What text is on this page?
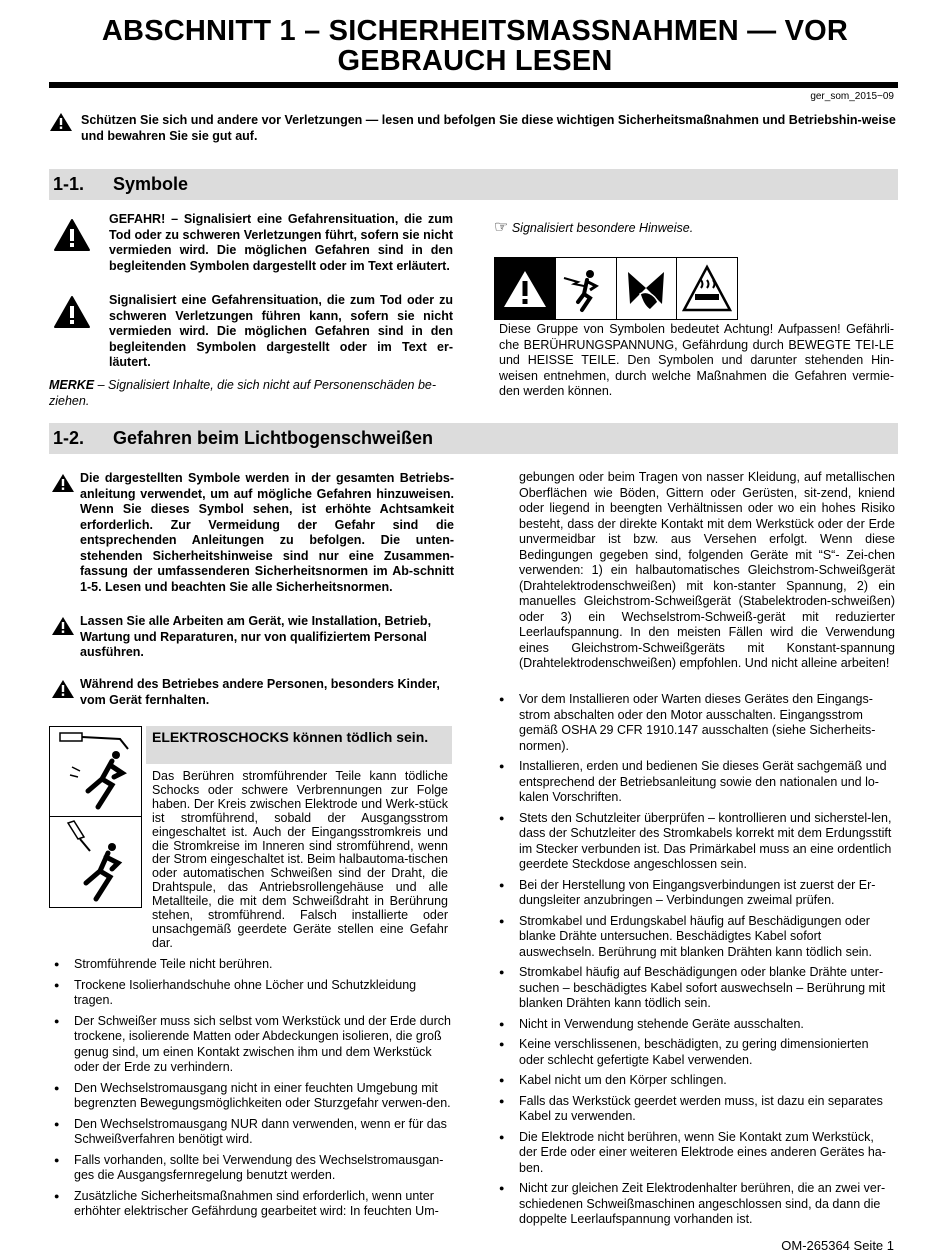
ABSCHNITT 1 – SICHERHEITSMASSNAHMEN — VOR
GEBRAUCH LESEN
ger_som_2015−09
Schützen Sie sich und andere vor Verletzungen — lesen und befolgen Sie diese wichtigen Sicherheitsmaßnahmen und Betriebshin-weise und bewahren Sie sie gut auf.
1-1. Symbole
GEFAHR! – Signalisiert eine Gefahrensituation, die zum Tod oder zu schweren Verletzungen führt, sofern sie nicht vermieden wird. Die möglichen Gefahren sind in den begleitenden Symbolen dargestellt oder im Text erläutert.
Signalisiert eine Gefahrensituation, die zum Tod oder zu schweren Verletzungen führen kann, sofern sie nicht vermieden wird. Die möglichen Gefahren sind in den begleitenden Symbolen dargestellt oder im Text er-läutert.
MERKE – Signalisiert Inhalte, die sich nicht auf Personenschäden be-ziehen.
☞ Signalisiert besondere Hinweise.
Diese Gruppe von Symbolen bedeutet Achtung! Aufpassen! Gefährli-che BERÜHRUNGSPANNUNG, Gefährdung durch BEWEGTE TEI-LE und HEISSE TEILE. Den Symbolen und darunter stehenden Hin-weisen entnehmen, durch welche Maßnahmen die Gefahren vermie-den werden können.
1-2. Gefahren beim Lichtbogenschweißen
Die dargestellten Symbole werden in der gesamten Betriebs-anleitung verwendet, um auf mögliche Gefahren hinzuweisen. Wenn Sie dieses Symbol sehen, ist erhöhte Achtsamkeit erforderlich. Zur Vermeidung der Gefahr sind die entsprechenden Anleitungen zu befolgen. Die unten- stehenden Sicherheitshinweise sind nur eine Zusammen-fassung der umfassenderen Sicherheitsnormen im Ab-schnitt 1-5. Lesen und beachten Sie alle Sicherheitsnormen.
Lassen Sie alle Arbeiten am Gerät, wie Installation, Betrieb, Wartung und Reparaturen, nur von qualifiziertem Personal ausführen.
Während des Betriebes andere Personen, besonders Kinder, vom Gerät fernhalten.
ELEKTROSCHOCKS können tödlich sein.
Das Berühren stromführender Teile kann tödliche Schocks oder schwere Verbrennungen zur Folge haben. Der Kreis zwischen Elektrode und Werk-stück ist stromführend, sobald der Ausgangsstrom eingeschaltet ist. Auch der Eingangsstromkreis und die Stromkreise im Inneren sind stromführend, wenn der Strom eingeschaltet ist. Beim halbautoma-tischen oder automatischen Schweißen sind der Draht, die Drahtspule, das Antriebsrollengehäuse und alle Metallteile, die mit dem Schweißdraht in Berührung stehen, stromführend. Falsch installierte oder unsachgemäß geerdete Geräte stellen eine Gefahr dar.
● Stromführende Teile nicht berühren.
● Trockene Isolierhandschuhe ohne Löcher und Schutzkleidung tragen.
● Der Schweißer muss sich selbst vom Werkstück und der Erde durch trockene, isolierende Matten oder Abdeckungen isolieren, die groß genug sind, um einen Kontakt zwischen ihm und dem Werkstück oder der Erde zu verhindern.
● Den Wechselstromausgang nicht in einer feuchten Umgebung mit begrenzten Bewegungsmöglichkeiten oder Sturzgefahr verwen-den.
● Den Wechselstromausgang NUR dann verwenden, wenn er für das Schweißverfahren benötigt wird.
● Falls vorhanden, sollte bei Verwendung des Wechselstromausgan-ges die Ausgangsfernregelung benutzt werden.
● Zusätzliche Sicherheitsmaßnahmen sind erforderlich, wenn unter erhöhter elektrischer Gefährdung gearbeitet wird: In feuchten Um-
gebungen oder beim Tragen von nasser Kleidung, auf metallischen Oberflächen wie Böden, Gittern oder Gerüsten, sit-zend, kniend oder liegend in beengten Verhältnissen oder wo ein hohes Risiko besteht, dass der direkte Kontakt mit dem Werkstück oder der Erde unvermeidbar ist bzw. aus Versehen erfolgt. Wenn diese Bedingungen gegeben sind, folgenden Geräte mit “S“- Zei-chen verwenden: 1) ein halbautomatisches Gleichstrom-Schweißgerät (Drahtelektrodenschweißen) mit kon-stanter Spannung, 2) ein manuelles Gleichstrom-Schweißgerät (Stabelektroden-schweißen) oder 3) ein Wechselstrom-Schweiß-gerät mit reduzierter Leerlaufspannung. In den meisten Fällen wird die Verwendung eines Gleichstrom-Schweißgeräts mit Konstant-spannung (Drahtelektrodenschweißen) empfohlen. Und nicht alleine arbeiten!
● Vor dem Installieren oder Warten dieses Gerätes den Eingangs-strom abschalten oder den Motor ausschalten. Eingangsstrom gemäß OSHA 29 CFR 1910.147 ausschalten (siehe Sicherheits-normen).
● Installieren, erden und bedienen Sie dieses Gerät sachgemäß und entsprechend der Betriebsanleitung sowie den nationalen und lo-kalen Vorschriften.
● Stets den Schutzleiter überprüfen – kontrollieren und sicherstel-len, dass der Schutzleiter des Stromkabels korrekt mit dem Erdungsstift im Stecker verbunden ist. Das Primärkabel muss an eine ordentlich geerdete Steckdose angeschlossen sein.
● Bei der Herstellung von Eingangsverbindungen ist zuerst der Er-dungsleiter anzubringen – Verbindungen zweimal prüfen.
● Stromkabel und Erdungskabel häufig auf Beschädigungen oder blanke Drähte untersuchen. Beschädigtes Kabel sofort auswechseln. Berührung mit blanken Drähten kann tödlich sein.
● Stromkabel häufig auf Beschädigungen oder blanke Drähte unter-suchen – beschädigtes Kabel sofort auswechseln – Berührung mit blanken Drähten kann tödlich sein.
● Nicht in Verwendung stehende Geräte ausschalten.
● Keine verschlissenen, beschädigten, zu gering dimensionierten oder schlecht gefertigte Kabel verwenden.
● Kabel nicht um den Körper schlingen.
● Falls das Werkstück geerdet werden muss, ist dazu ein separates Kabel zu verwenden.
● Die Elektrode nicht berühren, wenn Sie Kontakt zum Werkstück, der Erde oder einer weiteren Elektrode eines anderen Gerätes ha-ben.
● Nicht zur gleichen Zeit Elektrodenhalter berühren, die an zwei ver-schiedenen Schweißmaschinen angeschlossen sind, da dann die doppelte Leerlaufspannung vorhanden ist.
OM-265364 Seite 1
